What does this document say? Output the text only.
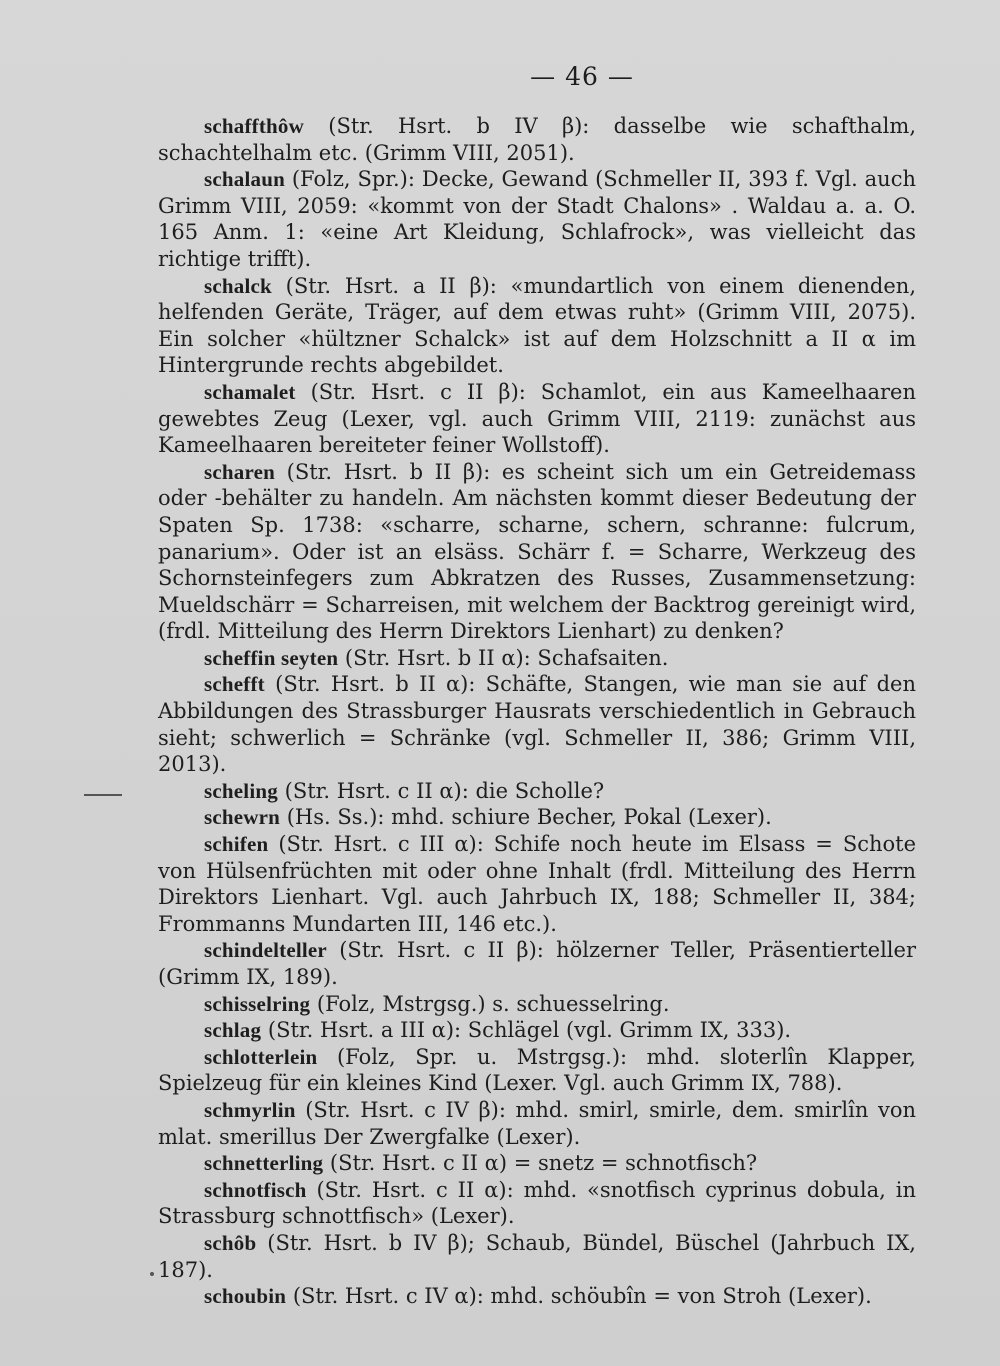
— 46 —

schaffthôw (Str. Hsrt. b IV β): dasselbe wie schafthalm, schachtelhalm etc. (Grimm VIII, 2051).

schalaun (Folz, Spr.): Decke, Gewand (Schmeller II, 393 f. Vgl. auch Grimm VIII, 2059: «kommt von der Stadt Chalons» . Waldau a. a. O. 165 Anm. 1: «eine Art Kleidung, Schlafrock», was vielleicht das richtige trifft).

schalck (Str. Hsrt. a II β): «mundartlich von einem dienenden, helfenden Geräte, Träger, auf dem etwas ruht» (Grimm VIII, 2075). Ein solcher «hültzner Schalck» ist auf dem Holzschnitt a II α im Hintergrunde rechts abgebildet.

schamalet (Str. Hsrt. c II β): Schamlot, ein aus Kameelhaaren gewebtes Zeug (Lexer, vgl. auch Grimm VIII, 2119: zunächst aus Kameelhaaren bereiteter feiner Wollstoff).

scharen (Str. Hsrt. b II β): es scheint sich um ein Getreidemass oder -behälter zu handeln. Am nächsten kommt dieser Bedeutung der Spaten Sp. 1738: «scharre, scharne, schern, schranne: fulcrum, panarium». Oder ist an elsäss. Schärr f. = Scharre, Werkzeug des Schornsteinfegers zum Abkratzen des Russes, Zusammensetzung: Mueldschärr = Scharreisen, mit welchem der Backtrog gereinigt wird, (frdl. Mitteilung des Herrn Direktors Lienhart) zu denken?

scheffin seyten (Str. Hsrt. b II α): Schafsaiten.

schefft (Str. Hsrt. b II α): Schäfte, Stangen, wie man sie auf den Abbildungen des Strassburger Hausrats verschiedentlich in Gebrauch sieht; schwerlich = Schränke (vgl. Schmeller II, 386; Grimm VIII, 2013).

scheling (Str. Hsrt. c II α): die Scholle?

schewrn (Hs. Ss.): mhd. schiure Becher, Pokal (Lexer).

schifen (Str. Hsrt. c III α): Schife noch heute im Elsass = Schote von Hülsenfrüchten mit oder ohne Inhalt (frdl. Mitteilung des Herrn Direktors Lienhart. Vgl. auch Jahrbuch IX, 188; Schmeller II, 384; Frommanns Mundarten III, 146 etc.).

schindelteller (Str. Hsrt. c II β): hölzerner Teller, Präsentierteller (Grimm IX, 189).

schisselring (Folz, Mstrgsg.) s. schuesselring.

schlag (Str. Hsrt. a III α): Schlägel (vgl. Grimm IX, 333).

schlotterlein (Folz, Spr. u. Mstrgsg.): mhd. sloterlîn Klapper, Spielzeug für ein kleines Kind (Lexer. Vgl. auch Grimm IX, 788).

schmyrlin (Str. Hsrt. c IV β): mhd. smirl, smirle, dem. smirlîn von mlat. smerillus Der Zwergfalke (Lexer).

schnetterling (Str. Hsrt. c II α) = snetz = schnotfisch?

schnotfisch (Str. Hsrt. c II α): mhd. «snotfisch cyprinus dobula, in Strassburg schnottfisch» (Lexer).

schôb (Str. Hsrt. b IV β); Schaub, Bündel, Büschel (Jahrbuch IX, 187).

schoubin (Str. Hsrt. c IV α): mhd. schöubîn = von Stroh (Lexer).
